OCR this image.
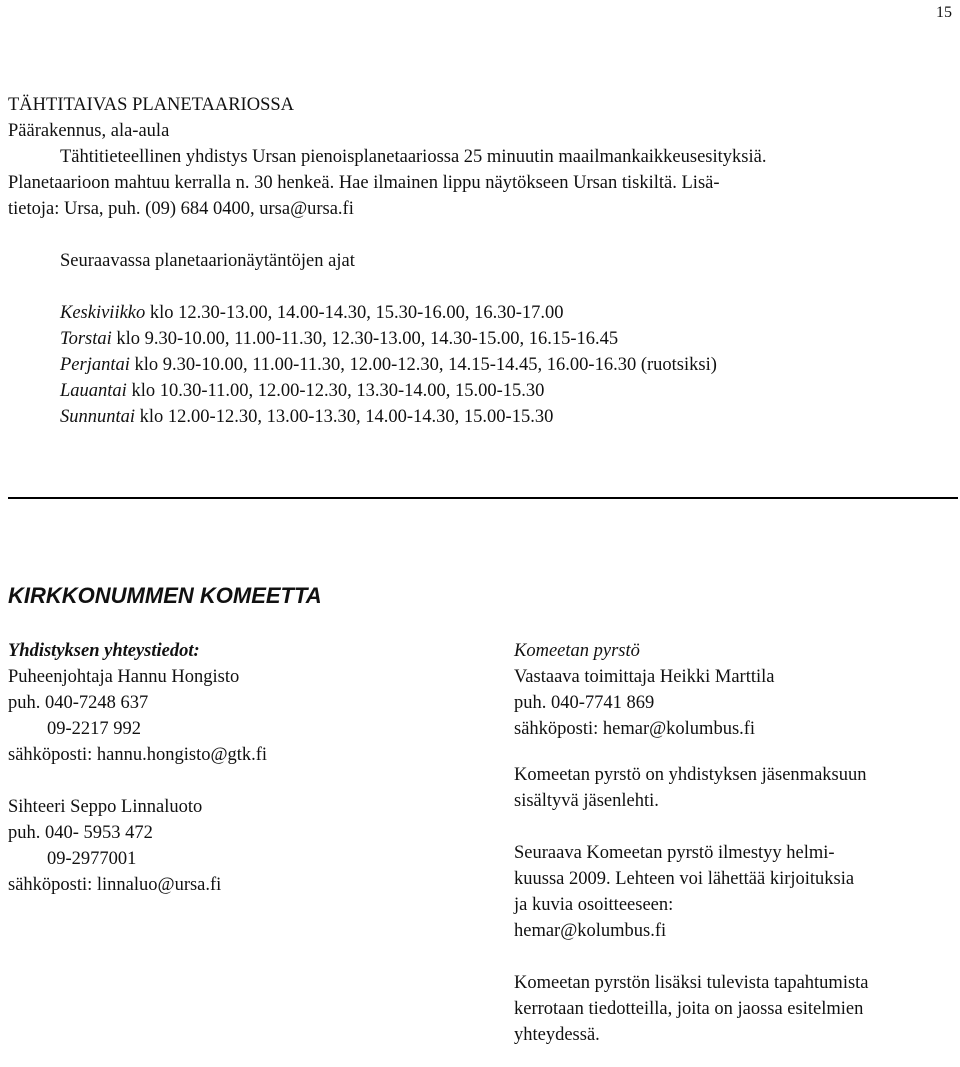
15
TÄHTITAIVAS PLANETAARIOSSA
Päärakennus, ala-aula
Tähtitieteellinen yhdistys Ursan pienoisplanetaariossa 25 minuutin maailmankaikkeusesityksiä.
Planetaarioon mahtuu kerralla n. 30 henkeä. Hae ilmainen lippu näytökseen Ursan tiskiltä. Lisä-
tietoja: Ursa, puh. (09) 684 0400, ursa@ursa.fi
Seuraavassa planetaarionäytäntöjen ajat
Keskiviikko klo 12.30-13.00, 14.00-14.30, 15.30-16.00, 16.30-17.00
Torstai klo 9.30-10.00, 11.00-11.30, 12.30-13.00, 14.30-15.00, 16.15-16.45
Perjantai klo 9.30-10.00, 11.00-11.30, 12.00-12.30, 14.15-14.45, 16.00-16.30 (ruotsiksi)
Lauantai klo 10.30-11.00, 12.00-12.30, 13.30-14.00, 15.00-15.30
Sunnuntai klo 12.00-12.30, 13.00-13.30, 14.00-14.30, 15.00-15.30
KIRKKONUMMEN KOMEETTA
Yhdistyksen yhteystiedot:
Puheenjohtaja Hannu Hongisto
puh. 040-7248 637
09-2217 992
sähköposti: hannu.hongisto@gtk.fi
Sihteeri Seppo Linnaluoto
puh. 040- 5953 472
09-2977001
sähköposti: linnaluo@ursa.fi
Komeetan pyrstö
Vastaava toimittaja Heikki Marttila
puh. 040-7741 869
sähköposti: hemar@kolumbus.fi
Komeetan pyrstö on yhdistyksen jäsenmaksuun
sisältyvä jäsenlehti.
Seuraava Komeetan pyrstö ilmestyy helmi-
kuussa 2009. Lehteen voi lähettää kirjoituksia
ja kuvia osoitteeseen:
hemar@kolumbus.fi
Komeetan pyrstön lisäksi tulevista tapahtumista
kerrotaan tiedotteilla, joita on jaossa esitelmien
yhteydessä.
